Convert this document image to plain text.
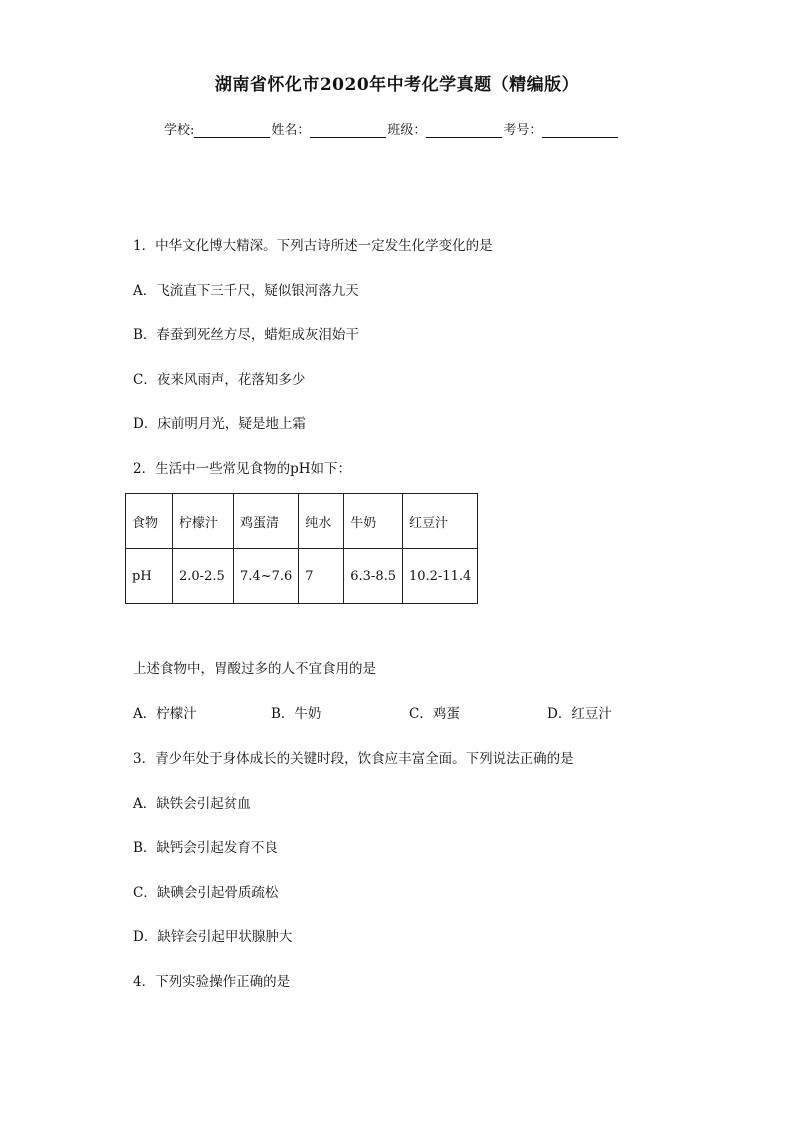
湖南省怀化市2020年中考化学真题（精编版）
学校:	姓名：	班级：	考号：
1．中华文化博大精深。下列古诗所述一定发生化学变化的是
A．飞流直下三千尺，疑似银河落九天
B．春蚕到死丝方尽，蜡炬成灰泪始干
C．夜来风雨声，花落知多少
D．床前明月光，疑是地上霜
2．生活中一些常见食物的pH如下：
食物	柠檬汁	鸡蛋清	纯水	牛奶	红豆汁
pH	2.0-2.5	7.4~7.6	7	6.3-8.5	10.2-11.4
上述食物中，胃酸过多的人不宜食用的是
A．柠檬汁	B．牛奶	C．鸡蛋	D．红豆汁
3．青少年处于身体成长的关键时段，饮食应丰富全面。下列说法正确的是
A．缺铁会引起贫血
B．缺钙会引起发育不良
C．缺碘会引起骨质疏松
D．缺锌会引起甲状腺肿大
4．下列实验操作正确的是
